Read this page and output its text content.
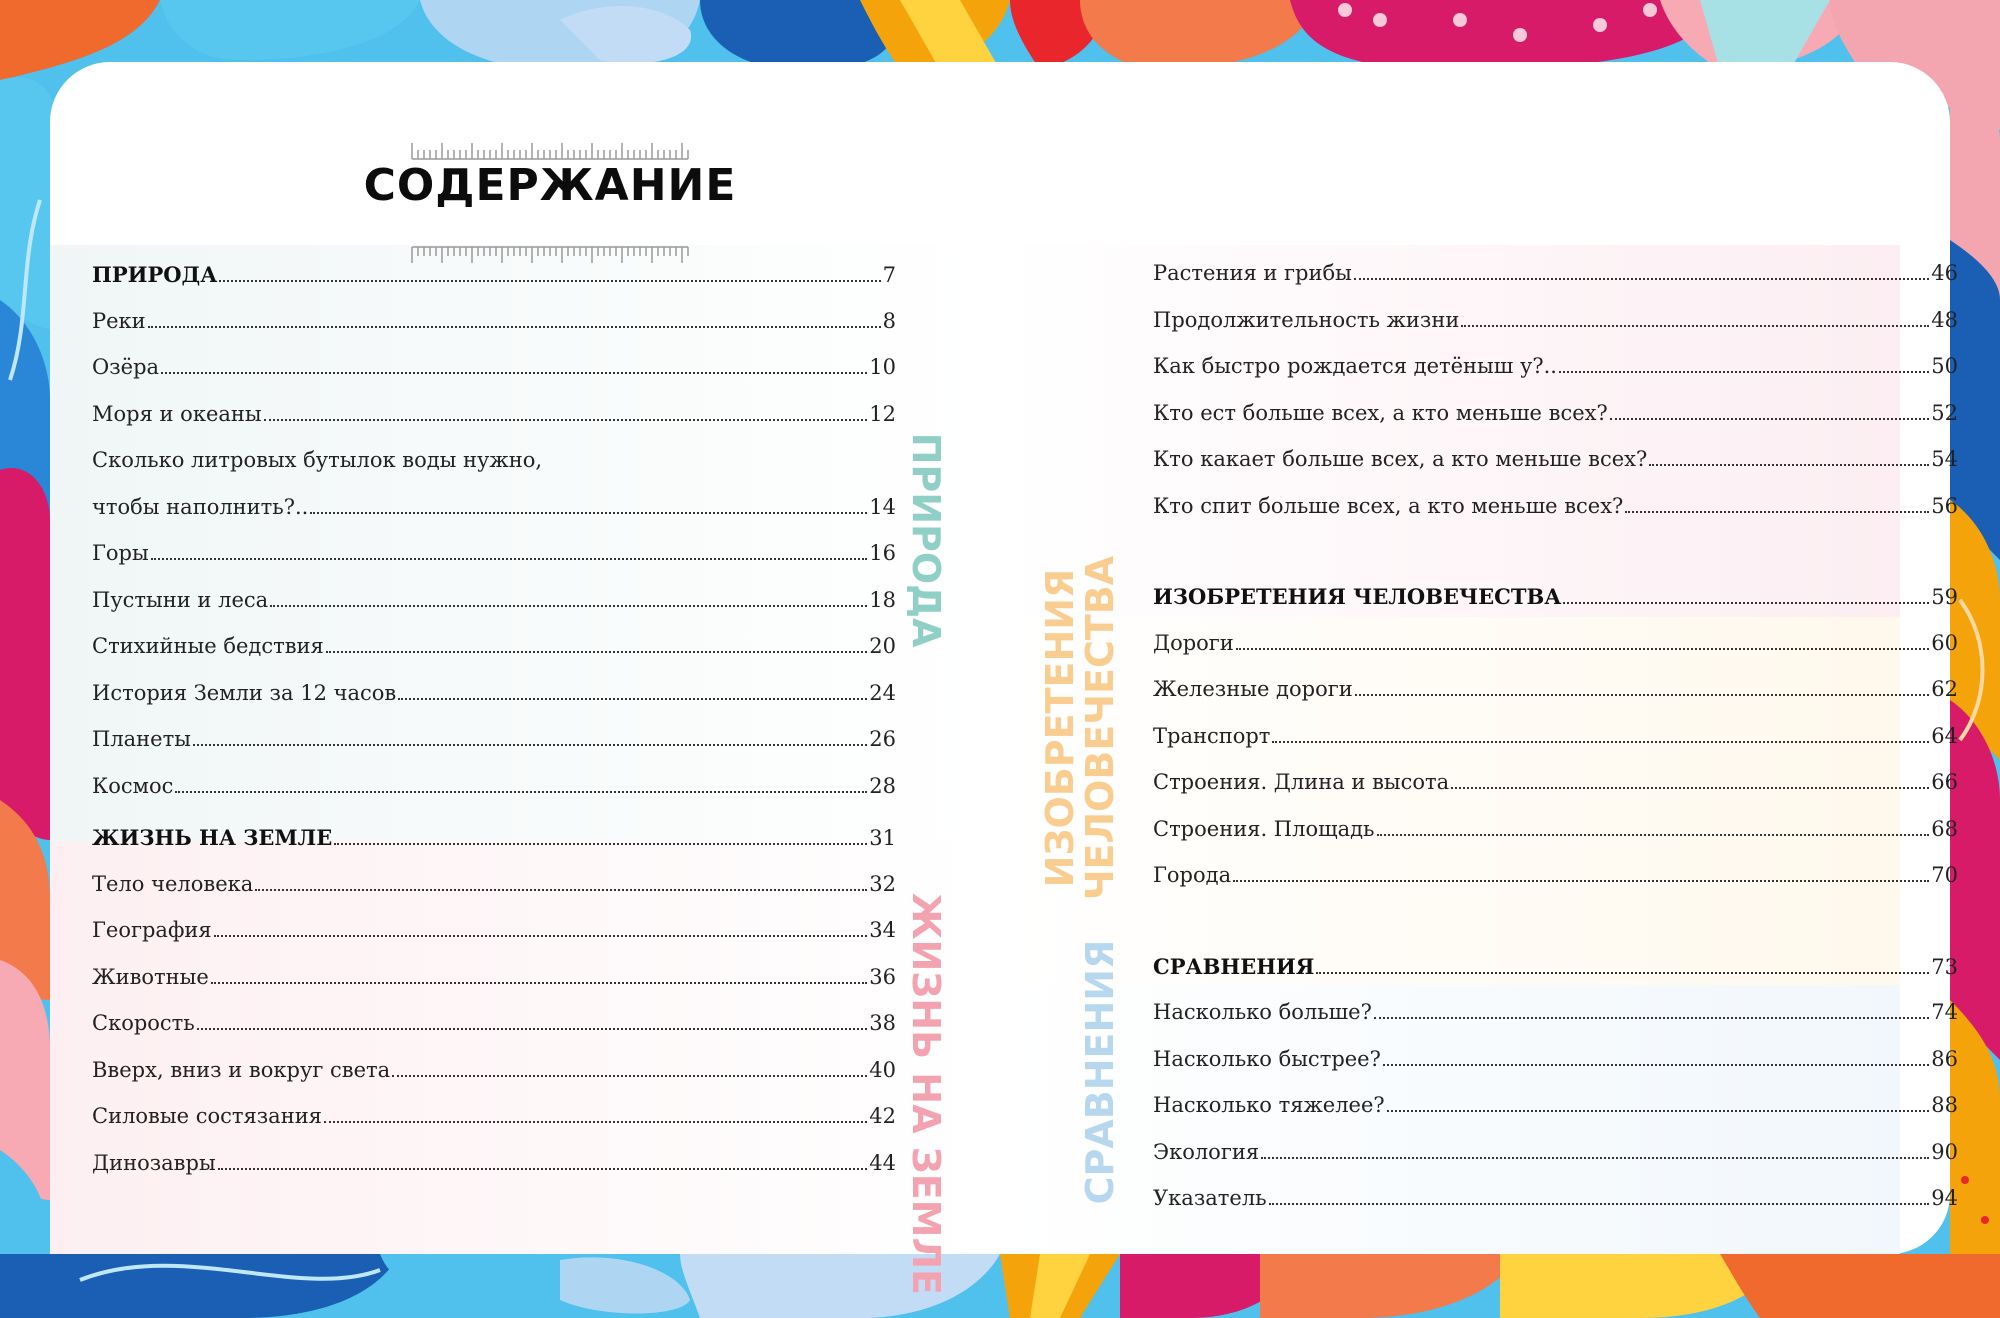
СОДЕРЖАНИЕ
ПРИРОДА	7
Реки	8
Озёра	10
Моря и океаны	12
Сколько литровых бутылок воды нужно,
чтобы наполнить?..	14
Горы	16
Пустыни и леса	18
Стихийные бедствия	20
История Земли за 12 часов	24
Планеты	26
Космос	28
ЖИЗНЬ НА ЗЕМЛЕ	31
Тело человека	32
География	34
Животные	36
Скорость	38
Вверх, вниз и вокруг света	40
Силовые состязания	42
Динозавры	44
Растения и грибы	46
Продолжительность жизни	48
Как быстро рождается детёныш у?..	50
Кто ест больше всех, а кто меньше всех?	52
Кто какает больше всех, а кто меньше всех?	54
Кто спит больше всех, а кто меньше всех?	56
ИЗОБРЕТЕНИЯ ЧЕЛОВЕЧЕСТВА	59
Дороги	60
Железные дороги	62
Транспорт	64
Строения. Длина и высота	66
Строения. Площадь	68
Города	70
СРАВНЕНИЯ	73
Насколько больше?	74
Насколько быстрее?	86
Насколько тяжелее?	88
Экология	90
Указатель	94
ПРИРОДА
ЖИЗНЬ НА ЗЕМЛЕ
ИЗОБРЕТЕНИЯ
ЧЕЛОВЕЧЕСТВА
СРАВНЕНИЯ
